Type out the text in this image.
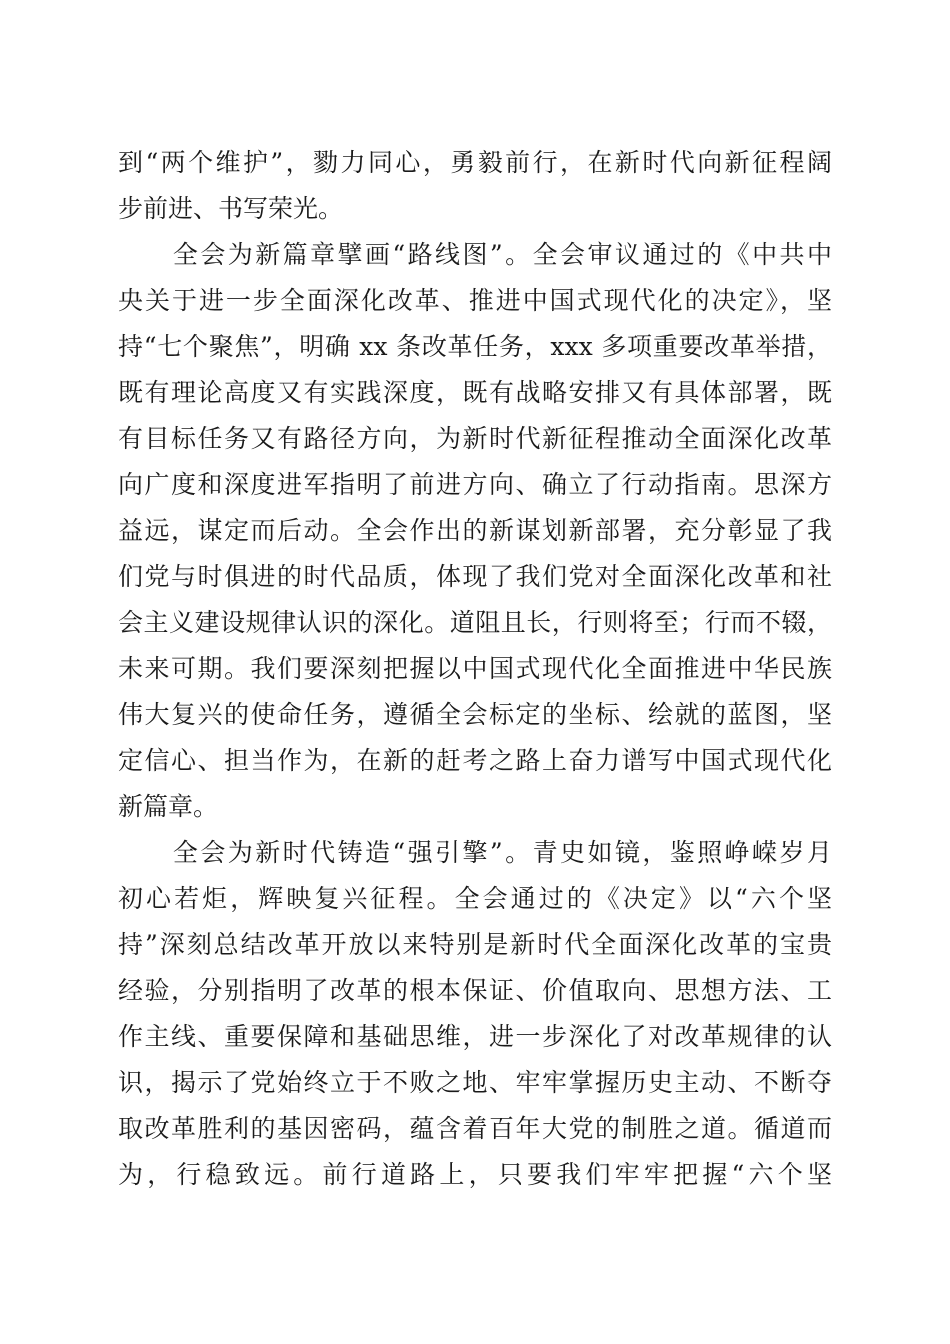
到“两个维护”，勠力同心，勇毅前行，在新时代向新征程阔
步前进、书写荣光。
　　全会为新篇章擘画“路线图”。全会审议通过的《中共中
央关于进一步全面深化改革、推进中国式现代化的决定》，坚
持“七个聚焦”，明确 xx 条改革任务，xxx 多项重要改革举措，
既有理论高度又有实践深度，既有战略安排又有具体部署，既
有目标任务又有路径方向，为新时代新征程推动全面深化改革
向广度和深度进军指明了前进方向、确立了行动指南。思深方
益远，谋定而后动。全会作出的新谋划新部署，充分彰显了我
们党与时俱进的时代品质，体现了我们党对全面深化改革和社
会主义建设规律认识的深化。道阻且长，行则将至；行而不辍，
未来可期。我们要深刻把握以中国式现代化全面推进中华民族
伟大复兴的使命任务，遵循全会标定的坐标、绘就的蓝图，坚
定信心、担当作为，在新的赶考之路上奋力谱写中国式现代化
新篇章。
　　全会为新时代铸造“强引擎”。青史如镜，鉴照峥嵘岁月
初心若炬，辉映复兴征程。全会通过的《决定》以“六个坚
持”深刻总结改革开放以来特别是新时代全面深化改革的宝贵
经验，分别指明了改革的根本保证、价值取向、思想方法、工
作主线、重要保障和基础思维，进一步深化了对改革规律的认
识，揭示了党始终立于不败之地、牢牢掌握历史主动、不断夺
取改革胜利的基因密码，蕴含着百年大党的制胜之道。循道而
为，行稳致远。前行道路上，只要我们牢牢把握“六个坚
